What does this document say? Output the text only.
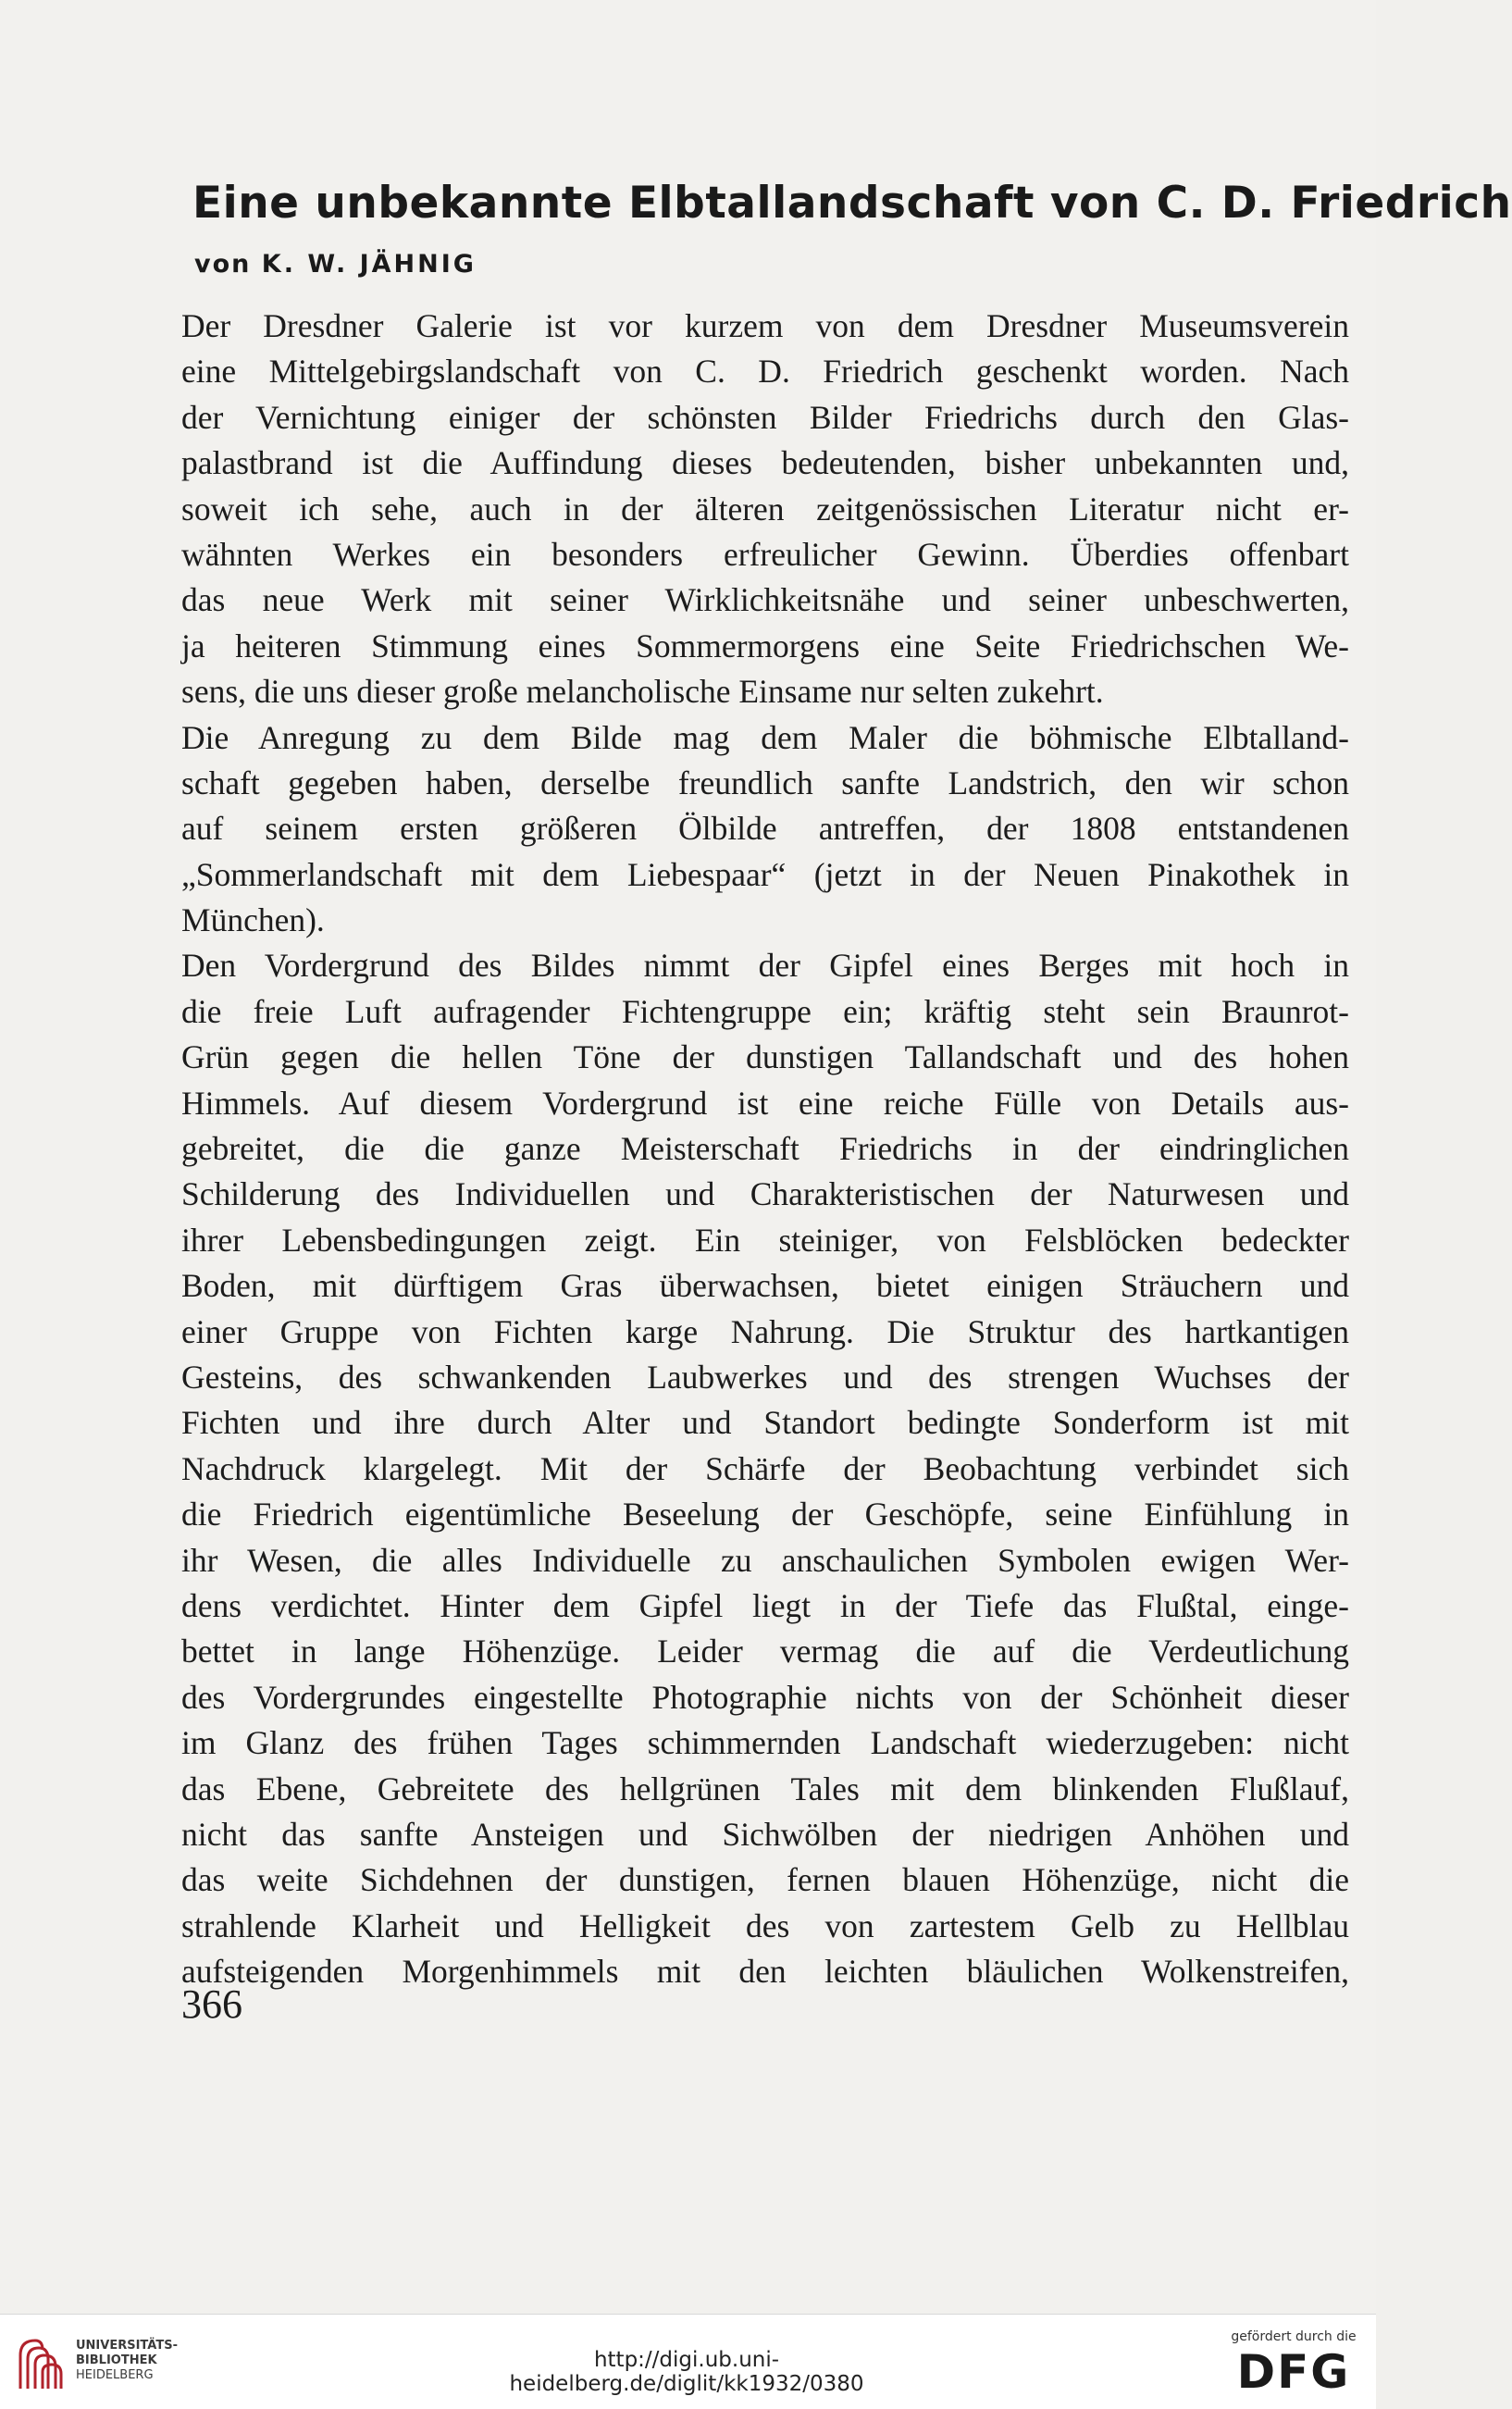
Eine unbekannte Elbtallandschaft von C. D. Friedrich

von K. W. JÄHNIG

Der Dresdner Galerie ist vor kurzem von dem Dresdner Museumsverein
eine Mittelgebirgslandschaft von C. D. Friedrich geschenkt worden. Nach
der Vernichtung einiger der schönsten Bilder Friedrichs durch den Glas-
palastbrand ist die Auffindung dieses bedeutenden, bisher unbekannten und,
soweit ich sehe, auch in der älteren zeitgenössischen Literatur nicht er-
wähnten Werkes ein besonders erfreulicher Gewinn. Überdies offenbart
das neue Werk mit seiner Wirklichkeitsnähe und seiner unbeschwerten,
ja heiteren Stimmung eines Sommermorgens eine Seite Friedrichschen We-
sens, die uns dieser große melancholische Einsame nur selten zukehrt.
Die Anregung zu dem Bilde mag dem Maler die böhmische Elbtalland-
schaft gegeben haben, derselbe freundlich sanfte Landstrich, den wir schon
auf seinem ersten größeren Ölbilde antreffen, der 1808 entstandenen
„Sommerlandschaft mit dem Liebespaar“ (jetzt in der Neuen Pinakothek in
München).
Den Vordergrund des Bildes nimmt der Gipfel eines Berges mit hoch in
die freie Luft aufragender Fichtengruppe ein; kräftig steht sein Braunrot-
Grün gegen die hellen Töne der dunstigen Tallandschaft und des hohen
Himmels. Auf diesem Vordergrund ist eine reiche Fülle von Details aus-
gebreitet, die die ganze Meisterschaft Friedrichs in der eindringlichen
Schilderung des Individuellen und Charakteristischen der Naturwesen und
ihrer Lebensbedingungen zeigt. Ein steiniger, von Felsblöcken bedeckter
Boden, mit dürftigem Gras überwachsen, bietet einigen Sträuchern und
einer Gruppe von Fichten karge Nahrung. Die Struktur des hartkantigen
Gesteins, des schwankenden Laubwerkes und des strengen Wuchses der
Fichten und ihre durch Alter und Standort bedingte Sonderform ist mit
Nachdruck klargelegt. Mit der Schärfe der Beobachtung verbindet sich
die Friedrich eigentümliche Beseelung der Geschöpfe, seine Einfühlung in
ihr Wesen, die alles Individuelle zu anschaulichen Symbolen ewigen Wer-
dens verdichtet. Hinter dem Gipfel liegt in der Tiefe das Flußtal, einge-
bettet in lange Höhenzüge. Leider vermag die auf die Verdeutlichung
des Vordergrundes eingestellte Photographie nichts von der Schönheit dieser
im Glanz des frühen Tages schimmernden Landschaft wiederzugeben: nicht
das Ebene, Gebreitete des hellgrünen Tales mit dem blinkenden Flußlauf,
nicht das sanfte Ansteigen und Sichwölben der niedrigen Anhöhen und
das weite Sichdehnen der dunstigen, fernen blauen Höhenzüge, nicht die
strahlende Klarheit und Helligkeit des von zartestem Gelb zu Hellblau
aufsteigenden Morgenhimmels mit den leichten bläulichen Wolkenstreifen,

366

UNIVERSITÄTS-
BIBLIOTHEK
HEIDELBERG
http://digi.ub.uni-heidelberg.de/diglit/kk1932/0380
gefördert durch die
DFG
